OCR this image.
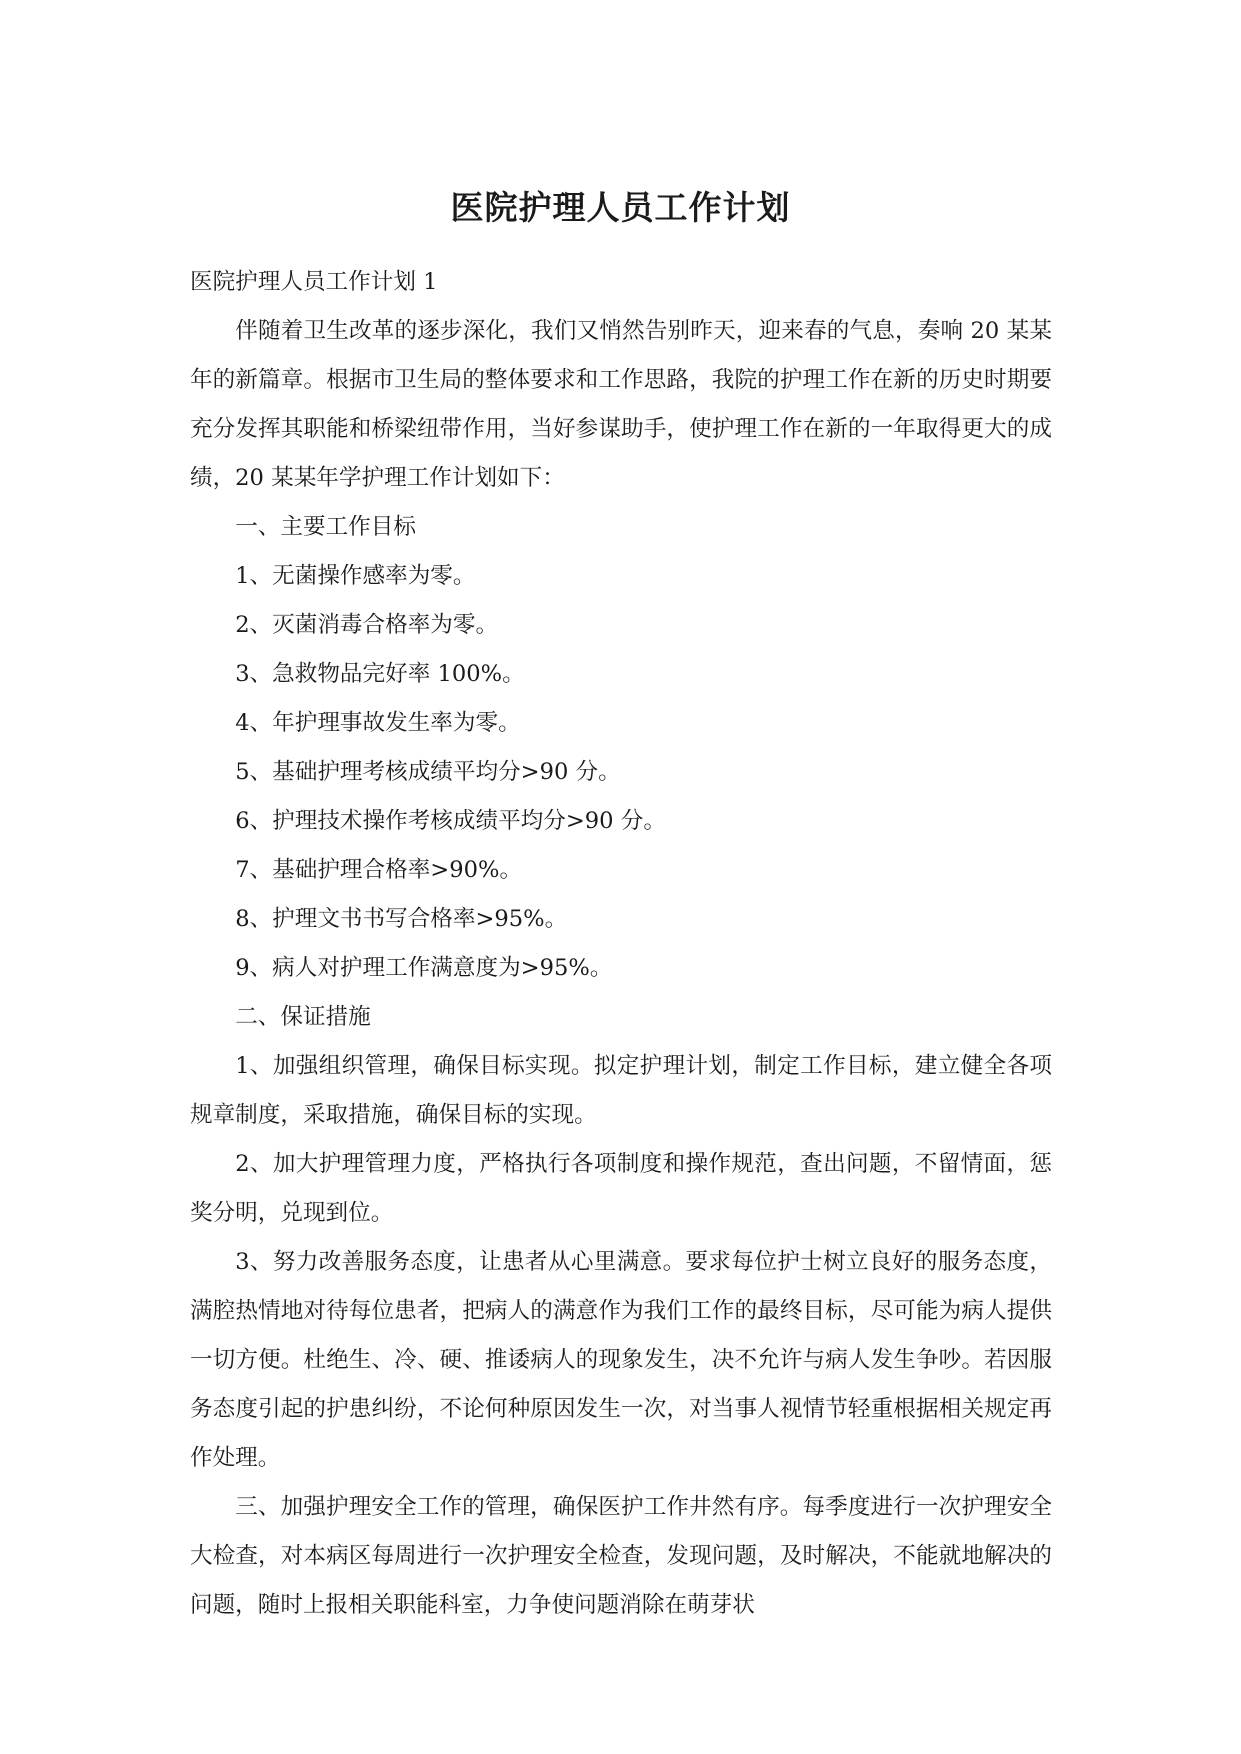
医院护理人员工作计划

医院护理人员工作计划 1

伴随着卫生改革的逐步深化，我们又悄然告别昨天，迎来春的气息，奏响 20 某某年的新篇章。根据市卫生局的整体要求和工作思路，我院的护理工作在新的历史时期要充分发挥其职能和桥梁纽带作用，当好参谋助手，使护理工作在新的一年取得更大的成绩，20 某某年学护理工作计划如下：

一、主要工作目标

1、无菌操作感率为零。

2、灭菌消毒合格率为零。

3、急救物品完好率 100%。

4、年护理事故发生率为零。

5、基础护理考核成绩平均分>90 分。

6、护理技术操作考核成绩平均分>90 分。

7、基础护理合格率>90%。

8、护理文书书写合格率>95%。

9、病人对护理工作满意度为>95%。

二、保证措施

1、加强组织管理，确保目标实现。拟定护理计划，制定工作目标，建立健全各项规章制度，采取措施，确保目标的实现。

2、加大护理管理力度，严格执行各项制度和操作规范，查出问题，不留情面，惩奖分明，兑现到位。

3、努力改善服务态度，让患者从心里满意。要求每位护士树立良好的服务态度，满腔热情地对待每位患者，把病人的满意作为我们工作的最终目标，尽可能为病人提供一切方便。杜绝生、冷、硬、推诿病人的现象发生，决不允许与病人发生争吵。若因服务态度引起的护患纠纷，不论何种原因发生一次，对当事人视情节轻重根据相关规定再作处理。

三、加强护理安全工作的管理，确保医护工作井然有序。每季度进行一次护理安全大检查，对本病区每周进行一次护理安全检查，发现问题，及时解决，不能就地解决的问题，随时上报相关职能科室，力争使问题消除在萌芽状
